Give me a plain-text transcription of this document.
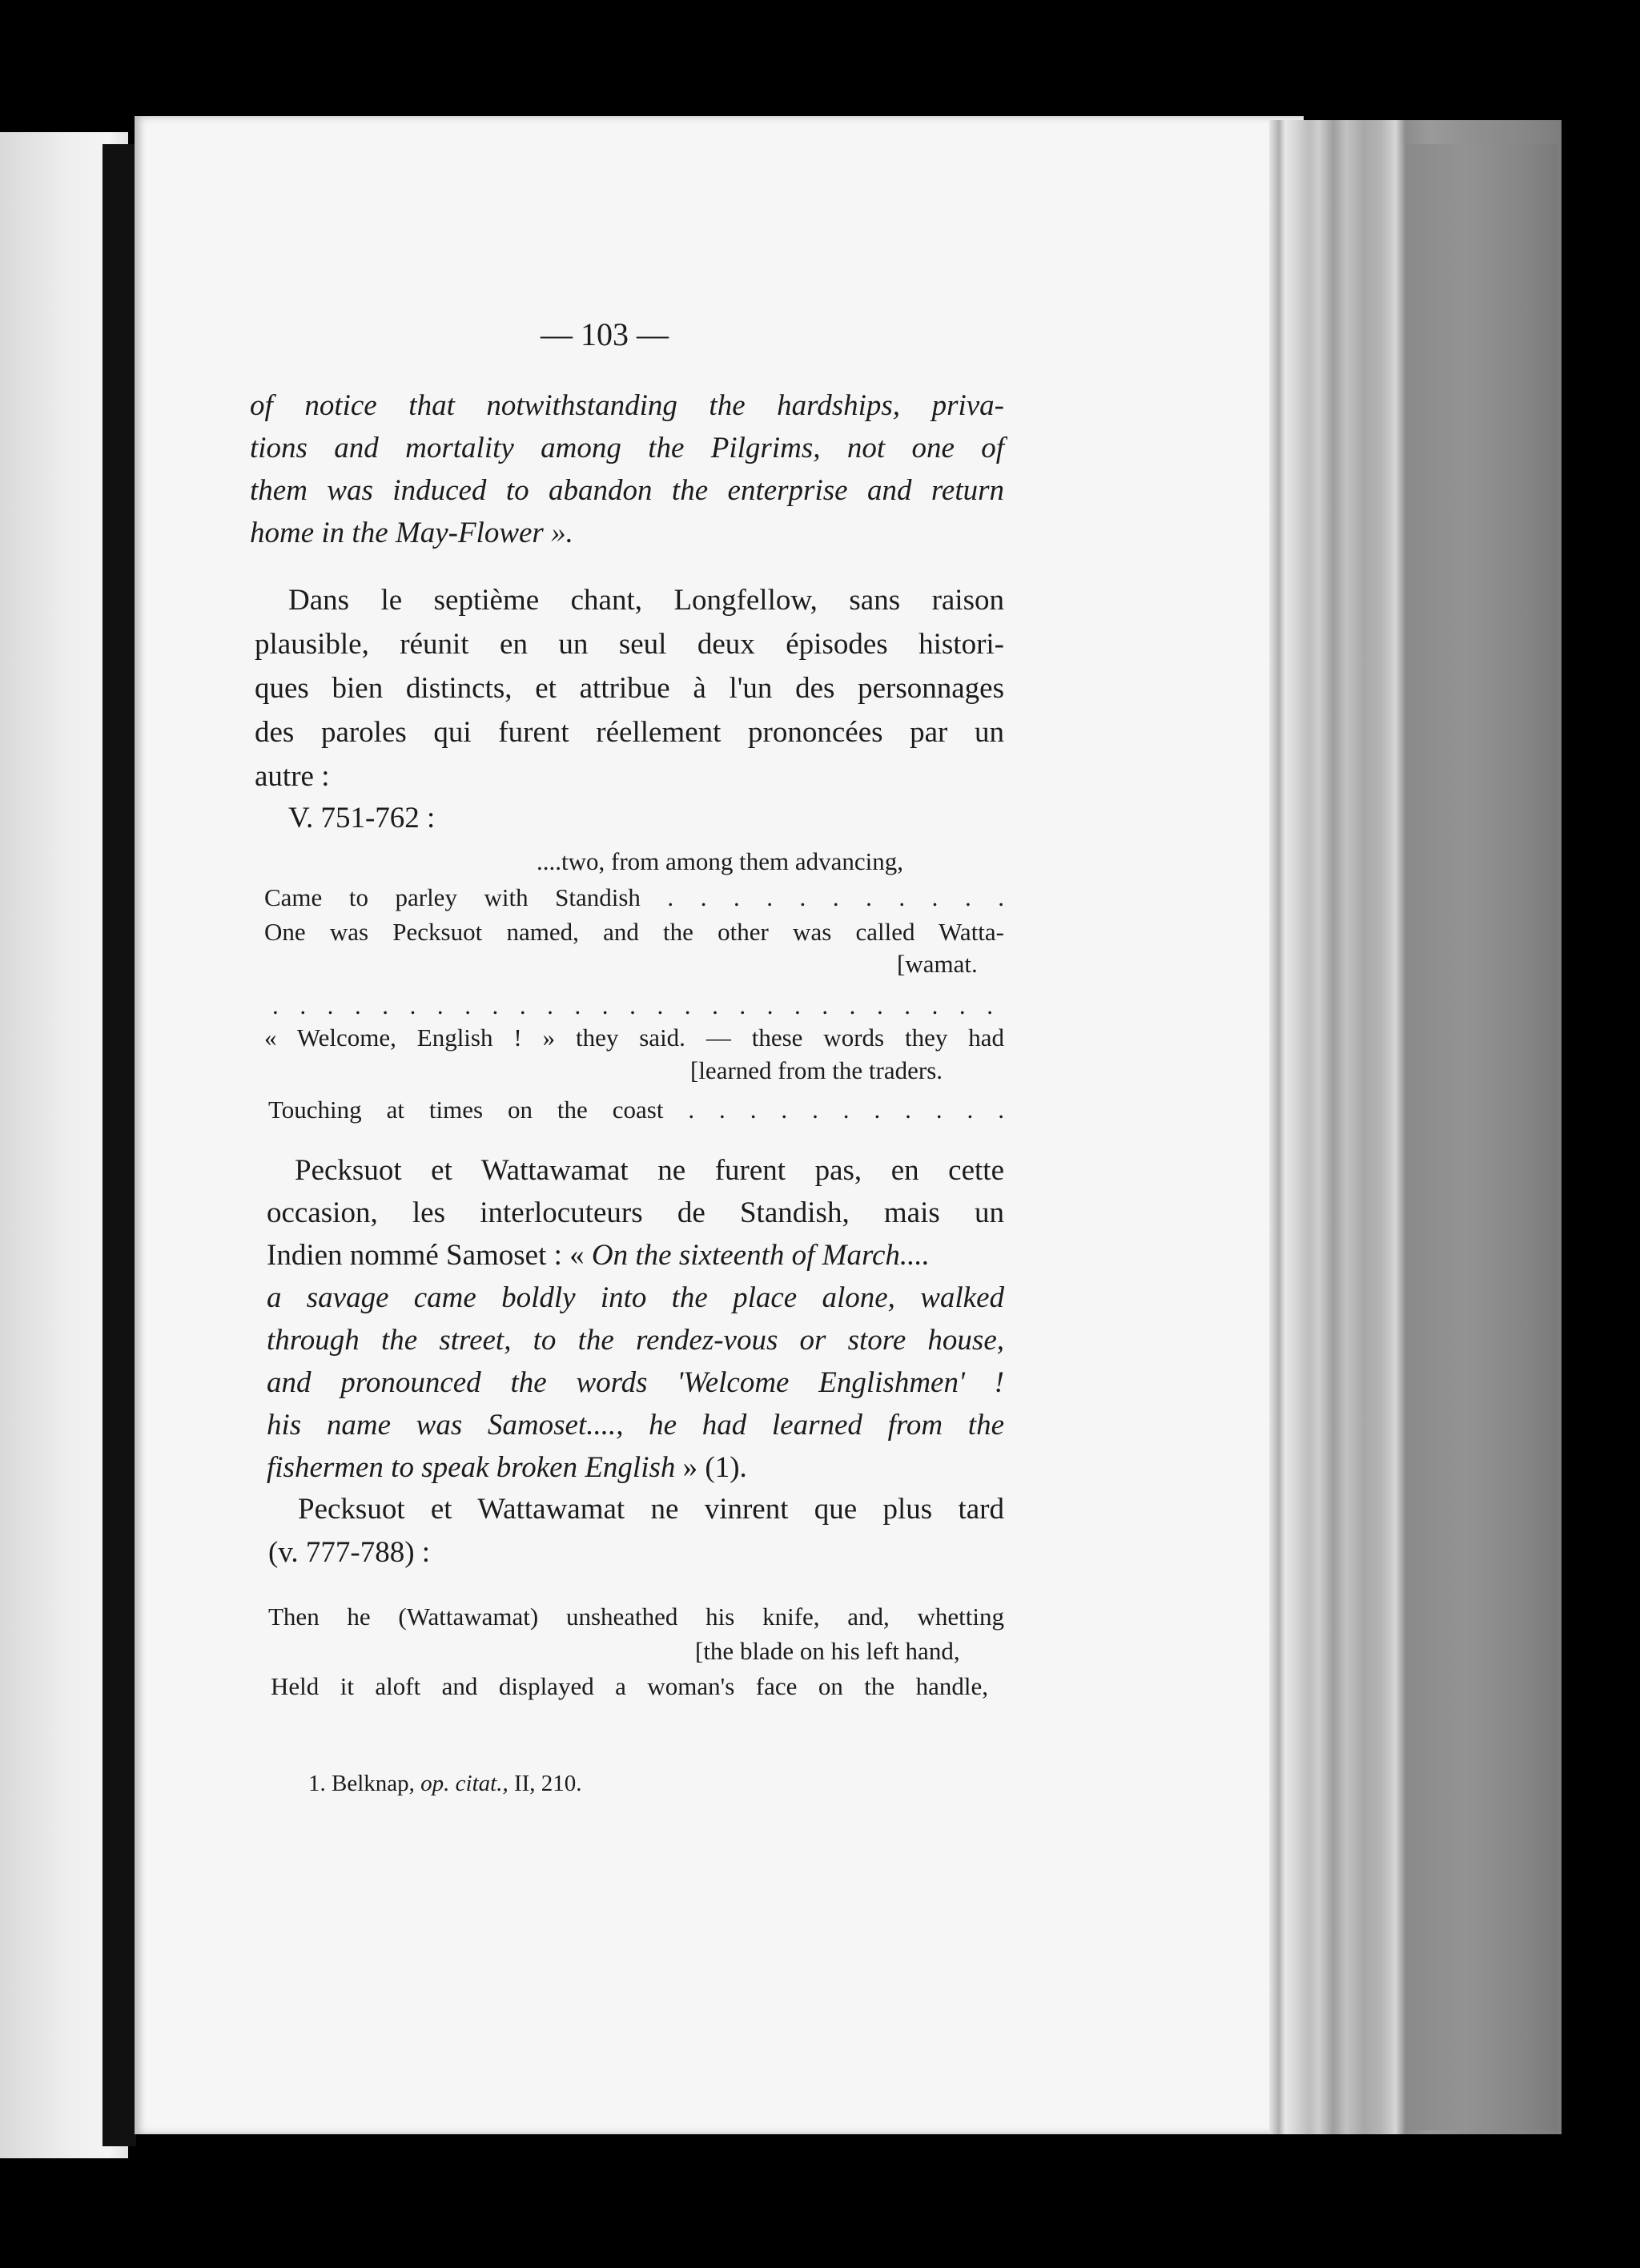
— 103 —
of notice that notwithstanding the hardships, priva-
tions and mortality among the Pilgrims, not one of
them was induced to abandon the enterprise and return
home in the May-Flower ».
Dans le septième chant, Longfellow, sans raison
plausible, réunit en un seul deux épisodes histori-
ques bien distincts, et attribue à l'un des personnages
des paroles qui furent réellement prononcées par un
autre :
V. 751-762 :
....two, from among them advancing,
Came to parley with Standish . . . . . . . . . . .
One was Pecksuot named, and the other was called Watta-
[wamat.
. . . . . . . . . . . . . . . . . . . . . . . . . . .
« Welcome, English ! » they said. — these words they had
[learned from the traders.
Touching at times on the coast . . . . . . . . . . .
Pecksuot et Wattawamat ne furent pas, en cette
occasion, les interlocuteurs de Standish, mais un
Indien nommé Samoset : « On the sixteenth of March....
a savage came boldly into the place alone, walked
through the street, to the rendez-vous or store house,
and pronounced the words 'Welcome Englishmen' !
his name was Samoset...., he had learned from the
fishermen to speak broken English » (1).
Pecksuot et Wattawamat ne vinrent que plus tard
(v. 777-788) :
Then he (Wattawamat) unsheathed his knife, and, whetting
[the blade on his left hand,
Held it aloft and displayed a woman's face on the handle,
1. Belknap, op. citat., II, 210.
